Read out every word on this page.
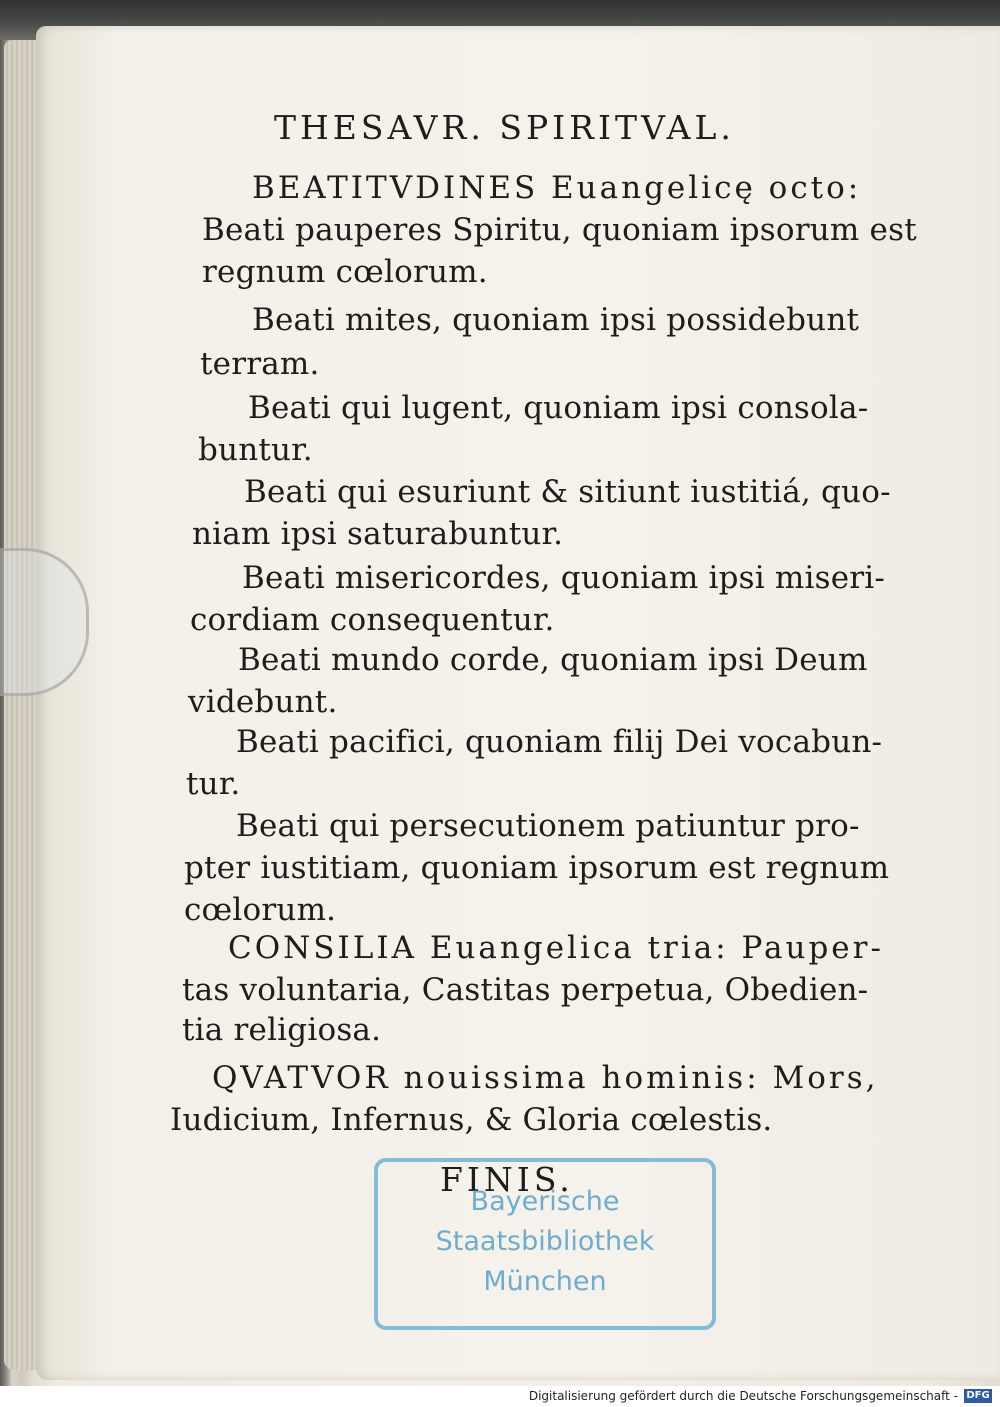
THESAVR. SPIRITVAL.
BEATITVDINES Euangelicę octo:
Beati pauperes Spiritu, quoniam ipsorum est
regnum cœlorum.
Beati mites, quoniam ipsi possidebunt
terram.
Beati qui lugent, quoniam ipsi consola-
buntur.
Beati qui esuriunt & sitiunt iustitiá, quo-
niam ipsi saturabuntur.
Beati misericordes, quoniam ipsi miseri-
cordiam consequentur.
Beati mundo corde, quoniam ipsi Deum
videbunt.
Beati pacifici, quoniam filij Dei vocabun-
tur.
Beati qui persecutionem patiuntur pro-
pter iustitiam, quoniam ipsorum est regnum
cœlorum.
CONSILIA Euangelica tria: Pauper-
tas voluntaria, Castitas perpetua, Obedien-
tia religiosa.
QVATVOR nouissima hominis: Mors,
Iudicium, Infernus, & Gloria cœlestis.
FINIS.
Bayerische
Staatsbibliothek
München
Digitalisierung gefördert durch die Deutsche Forschungsgemeinschaft - DFG
